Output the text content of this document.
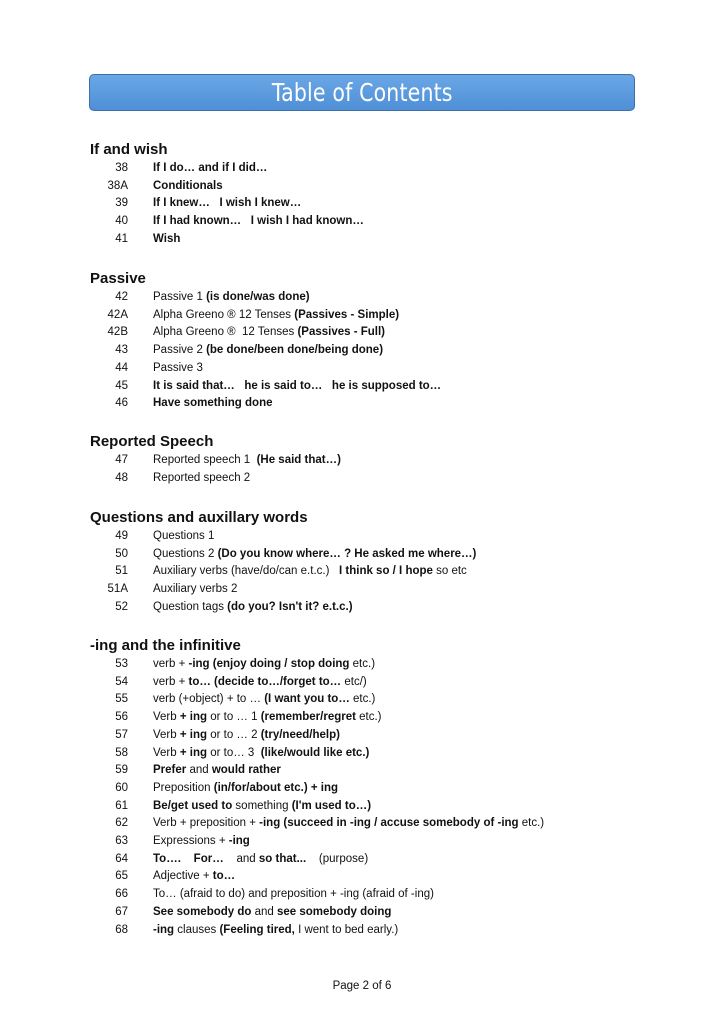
Table of Contents
If and wish
38 If I do… and if I did…
38A Conditionals
39 If I knew…   I wish I knew…
40 If I had known…   I wish I had known…
41 Wish
Passive
42 Passive 1 (is done/was done)
42A Alpha Greeno ® 12 Tenses (Passives - Simple)
42B Alpha Greeno ®  12 Tenses (Passives - Full)
43 Passive 2 (be done/been done/being done)
44 Passive 3
45 It is said that…   he is said to…   he is supposed to…
46 Have something done
Reported Speech
47 Reported speech 1  (He said that…)
48 Reported speech 2
Questions and auxillary words
49 Questions 1
50 Questions 2 (Do you know where… ? He asked me where…)
51 Auxiliary verbs (have/do/can e.t.c.)   I think so / I hope so etc
51A Auxiliary verbs 2
52 Question tags (do you? Isn't it? e.t.c.)
-ing and the infinitive
53 verb + -ing (enjoy doing / stop doing etc.)
54 verb + to… (decide to…/forget to… etc/)
55 verb (+object) + to … (I want you to… etc.)
56 Verb + ing or to … 1 (remember/regret etc.)
57 Verb + ing or to … 2 (try/need/help)
58 Verb + ing or to… 3  (like/would like etc.)
59 Prefer and would rather
60 Preposition (in/for/about etc.) + ing
61 Be/get used to something (I'm used to…)
62 Verb + preposition + -ing (succeed in -ing / accuse somebody of -ing etc.)
63 Expressions + -ing
64 To….    For…    and so that...    (purpose)
65 Adjective + to…
66 To… (afraid to do) and preposition + -ing (afraid of -ing)
67 See somebody do and see somebody doing
68 -ing clauses (Feeling tired, I went to bed early.)
Page 2 of 6
